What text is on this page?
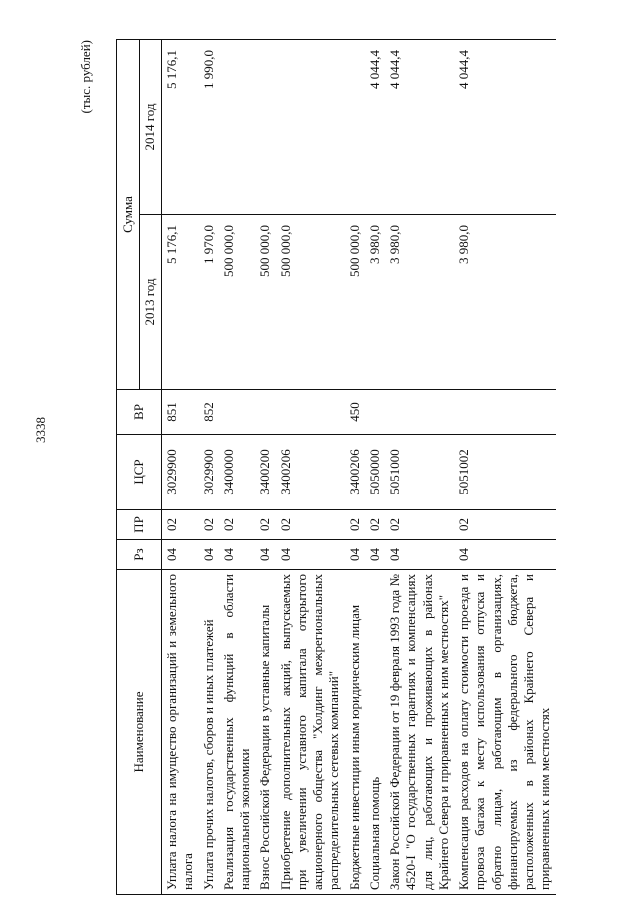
3338
(тыс. рублей)
Наименование	Рз	ПР	ЦСР	ВР	Сумма	
					2013 год	2014 год
Уплата налога на имущество организаций и земельного налога	04	02	3029900	851	5 176,1	5 176,1
Уплата прочих налогов, сборов и иных платежей	04	02	3029900	852	1 970,0	1 990,0
Реализация государственных функций в области национальной экономики	04	02	3400000		500 000,0	
Взнос Российской Федерации в уставные капиталы	04	02	3400200		500 000,0	
Приобретение дополнительных акций, выпускаемых при увеличении уставного капитала открытого акционерного общества "Холдинг межрегиональных распределительных сетевых компаний"	04	02	3400206		500 000,0	
Бюджетные инвестиции иным юридическим лицам	04	02	3400206	450	500 000,0	
Социальная помощь	04	02	5050000		3 980,0	4 044,4
Закон Российской Федерации от 19 февраля 1993 года № 4520-I "О государственных гарантиях и компенсациях для лиц, работающих и проживающих в районах Крайнего Севера и приравненных к ним местностях"	04	02	5051000		3 980,0	4 044,4
Компенсация расходов на оплату стоимости проезда и провоза багажа к месту использования отпуска и обратно лицам, работающим в организациях, финансируемых из федерального бюджета, расположенных в районах Крайнего Севера и приравненных к ним местностях	04	02	5051002		3 980,0	4 044,4
